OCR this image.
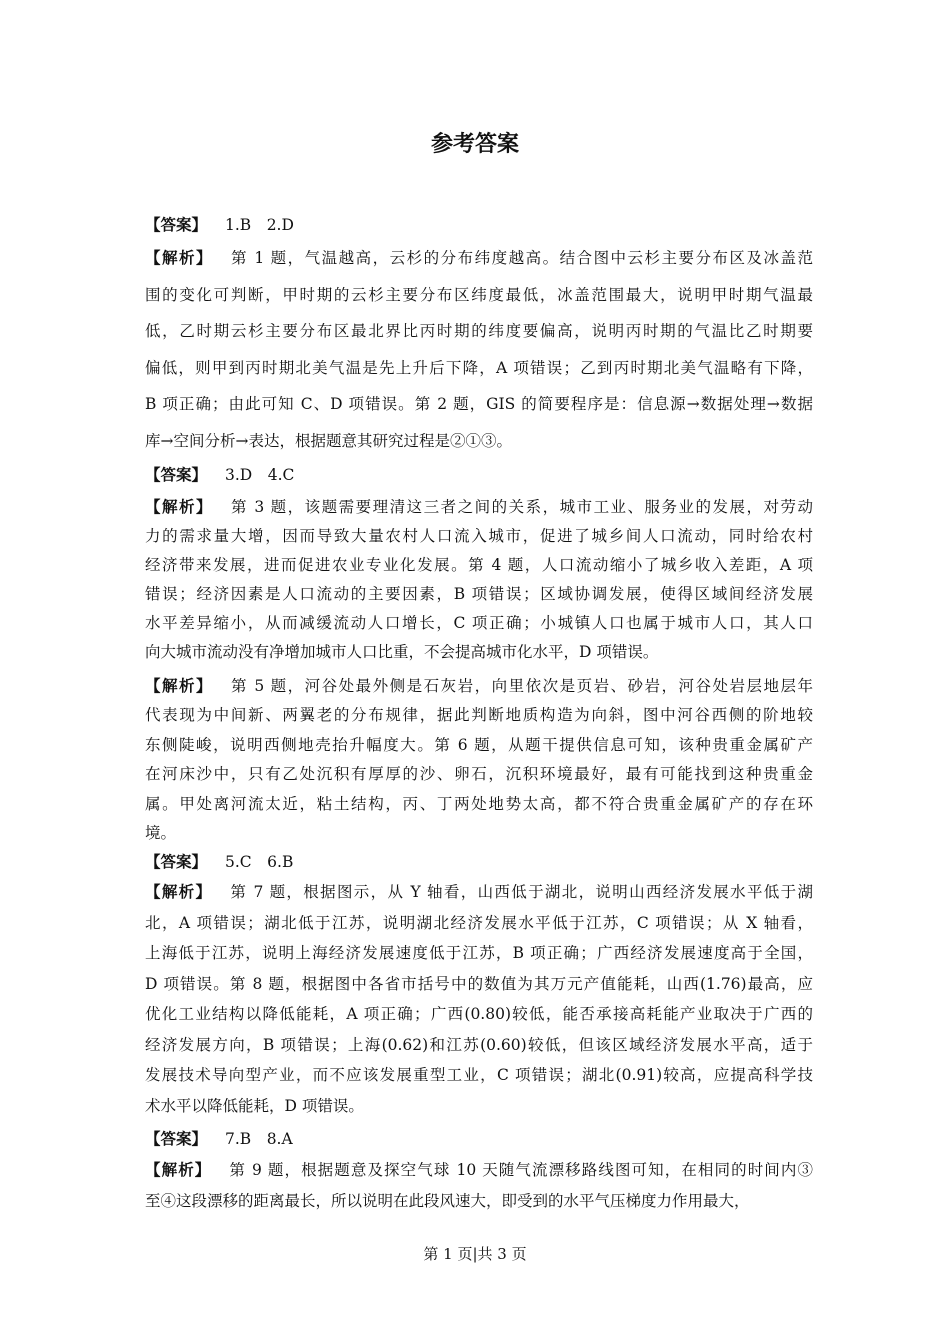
参考答案
【答案】 1.B　2.D
【解析】 第 1 题，气温越高，云杉的分布纬度越高。结合图中云杉主要分布区及冰盖范
围的变化可判断，甲时期的云杉主要分布区纬度最低，冰盖范围最大，说明甲时期气温最
低，乙时期云杉主要分布区最北界比丙时期的纬度要偏高，说明丙时期的气温比乙时期要
偏低，则甲到丙时期北美气温是先上升后下降，A 项错误；乙到丙时期北美气温略有下降，
B 项正确；由此可知 C、D 项错误。第 2 题，GIS 的简要程序是：信息源→数据处理→数据
库→空间分析→表达，根据题意其研究过程是②①③。
【答案】 3.D　4.C
【解析】 第 3 题，该题需要理清这三者之间的关系，城市工业、服务业的发展，对劳动
力的需求量大增，因而导致大量农村人口流入城市，促进了城乡间人口流动，同时给农村
经济带来发展，进而促进农业专业化发展。第 4 题，人口流动缩小了城乡收入差距，A 项
错误；经济因素是人口流动的主要因素，B 项错误；区域协调发展，使得区域间经济发展
水平差异缩小，从而减缓流动人口增长，C 项正确；小城镇人口也属于城市人口，其人口
向大城市流动没有净增加城市人口比重，不会提高城市化水平，D 项错误。
【解析】 第 5 题，河谷处最外侧是石灰岩，向里依次是页岩、砂岩，河谷处岩层地层年
代表现为中间新、两翼老的分布规律，据此判断地质构造为向斜，图中河谷西侧的阶地较
东侧陡峻，说明西侧地壳抬升幅度大。第 6 题，从题干提供信息可知，该种贵重金属矿产
在河床沙中，只有乙处沉积有厚厚的沙、卵石，沉积环境最好，最有可能找到这种贵重金
属。甲处离河流太近，粘土结构，丙、丁两处地势太高，都不符合贵重金属矿产的存在环
境。
【答案】 5.C　6.B
【解析】 第 7 题，根据图示，从 Y 轴看，山西低于湖北，说明山西经济发展水平低于湖
北，A 项错误；湖北低于江苏，说明湖北经济发展水平低于江苏，C 项错误；从 X 轴看，
上海低于江苏，说明上海经济发展速度低于江苏，B 项正确；广西经济发展速度高于全国，
D 项错误。第 8 题，根据图中各省市括号中的数值为其万元产值能耗，山西(1.76)最高，应
优化工业结构以降低能耗，A 项正确；广西(0.80)较低，能否承接高耗能产业取决于广西的
经济发展方向，B 项错误；上海(0.62)和江苏(0.60)较低，但该区域经济发展水平高，适于
发展技术导向型产业，而不应该发展重型工业，C 项错误；湖北(0.91)较高，应提高科学技
术水平以降低能耗，D 项错误。
【答案】 7.B　8.A
【解析】 第 9 题，根据题意及探空气球 10 天随气流漂移路线图可知，在相同的时间内③
至④这段漂移的距离最长，所以说明在此段风速大，即受到的水平气压梯度力作用最大，
第 1 页|共 3 页
